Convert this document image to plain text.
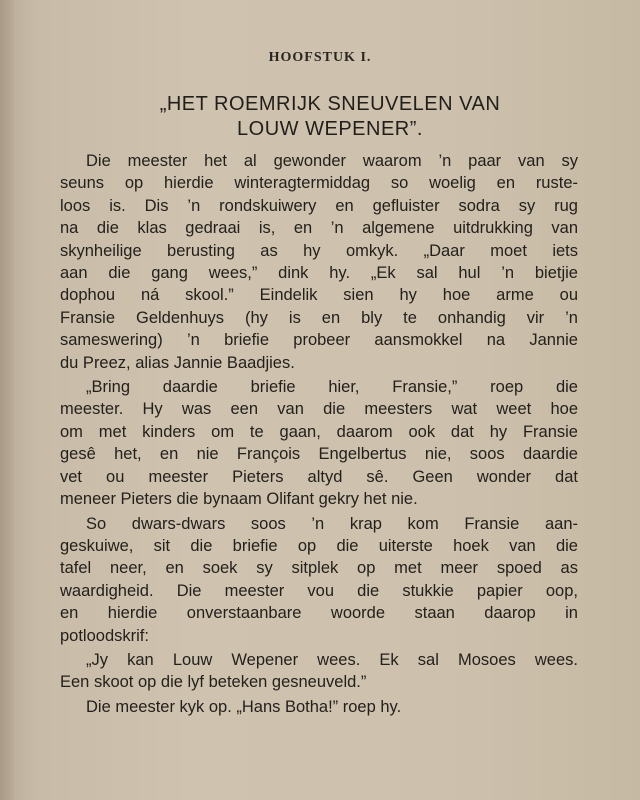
HOOFSTUK I.
„HET ROEMRIJK SNEUVELEN VAN
LOUW WEPENER”.
Die meester het al gewonder waarom ’n paar van sy
seuns op hierdie winteragtermiddag so woelig en ruste-
loos is. Dis ’n rondskuiwery en gefluister sodra sy rug
na die klas gedraai is, en ’n algemene uitdrukking van
skynheilige berusting as hy omkyk. „Daar moet iets
aan die gang wees,” dink hy. „Ek sal hul ’n bietjie
dophou ná skool.” Eindelik sien hy hoe arme ou
Fransie Geldenhuys (hy is en bly te onhandig vir ’n
sameswering) ’n briefie probeer aansmokkel na Jannie
du Preez, alias Jannie Baadjies.
„Bring daardie briefie hier, Fransie,” roep die
meester. Hy was een van die meesters wat weet hoe
om met kinders om te gaan, daarom ook dat hy Fransie
gesê het, en nie François Engelbertus nie, soos daardie
vet ou meester Pieters altyd sê. Geen wonder dat
meneer Pieters die bynaam Olifant gekry het nie.
So dwars-dwars soos ’n krap kom Fransie aan-
geskuiwe, sit die briefie op die uiterste hoek van die
tafel neer, en soek sy sitplek op met meer spoed as
waardigheid. Die meester vou die stukkie papier oop,
en hierdie onverstaanbare woorde staan daarop in
potloodskrif:
„Jy kan Louw Wepener wees. Ek sal Mosoes wees.
Een skoot op die lyf beteken gesneuveld.”
Die meester kyk op. „Hans Botha!” roep hy.
